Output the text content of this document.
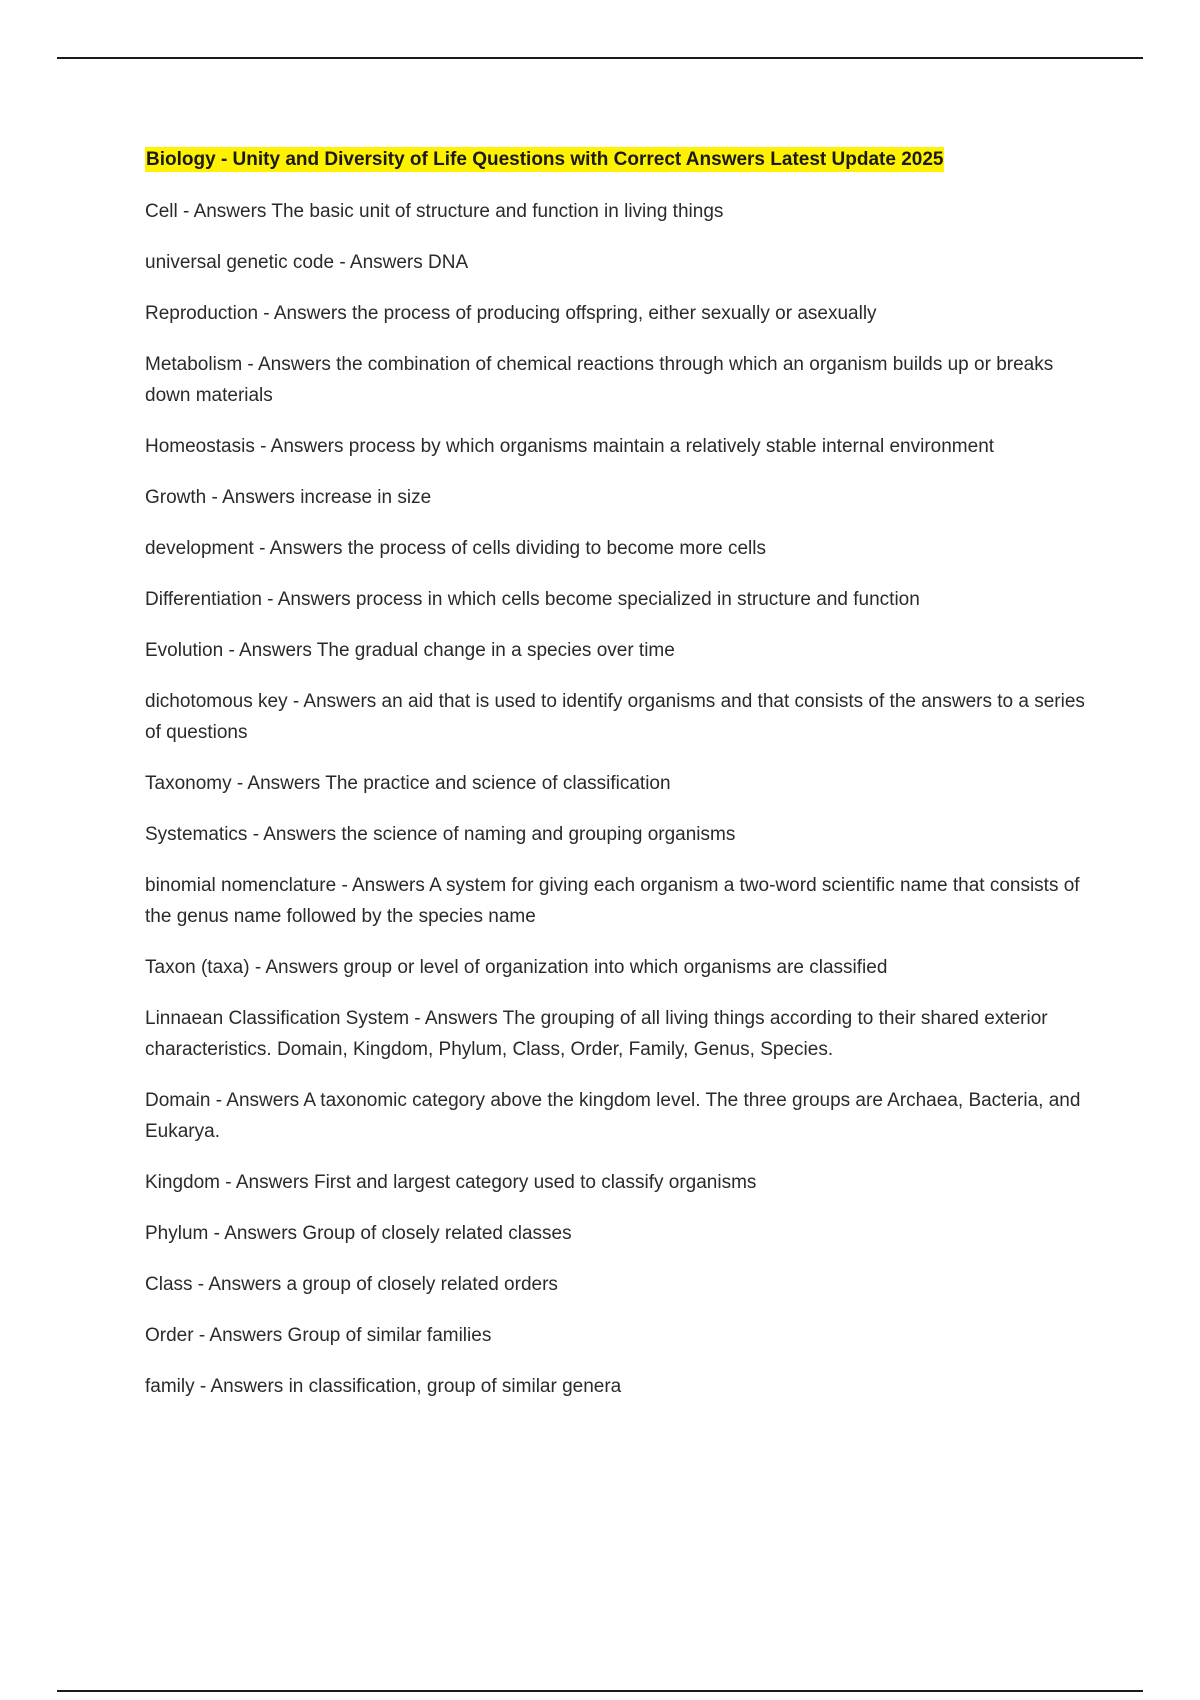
Biology - Unity and Diversity of Life Questions with Correct Answers Latest Update 2025

Cell - Answers The basic unit of structure and function in living things

universal genetic code - Answers DNA

Reproduction - Answers the process of producing offspring, either sexually or asexually

Metabolism - Answers the combination of chemical reactions through which an organism builds up or breaks down materials

Homeostasis - Answers process by which organisms maintain a relatively stable internal environment

Growth - Answers increase in size

development - Answers the process of cells dividing to become more cells

Differentiation - Answers process in which cells become specialized in structure and function

Evolution - Answers The gradual change in a species over time

dichotomous key - Answers an aid that is used to identify organisms and that consists of the answers to a series of questions

Taxonomy - Answers The practice and science of classification

Systematics - Answers the science of naming and grouping organisms

binomial nomenclature - Answers A system for giving each organism a two-word scientific name that consists of the genus name followed by the species name

Taxon (taxa) - Answers group or level of organization into which organisms are classified

Linnaean Classification System - Answers The grouping of all living things according to their shared exterior characteristics. Domain, Kingdom, Phylum, Class, Order, Family, Genus, Species.

Domain - Answers A taxonomic category above the kingdom level. The three groups are Archaea, Bacteria, and Eukarya.

Kingdom - Answers First and largest category used to classify organisms

Phylum - Answers Group of closely related classes

Class - Answers a group of closely related orders

Order - Answers Group of similar families

family - Answers in classification, group of similar genera
